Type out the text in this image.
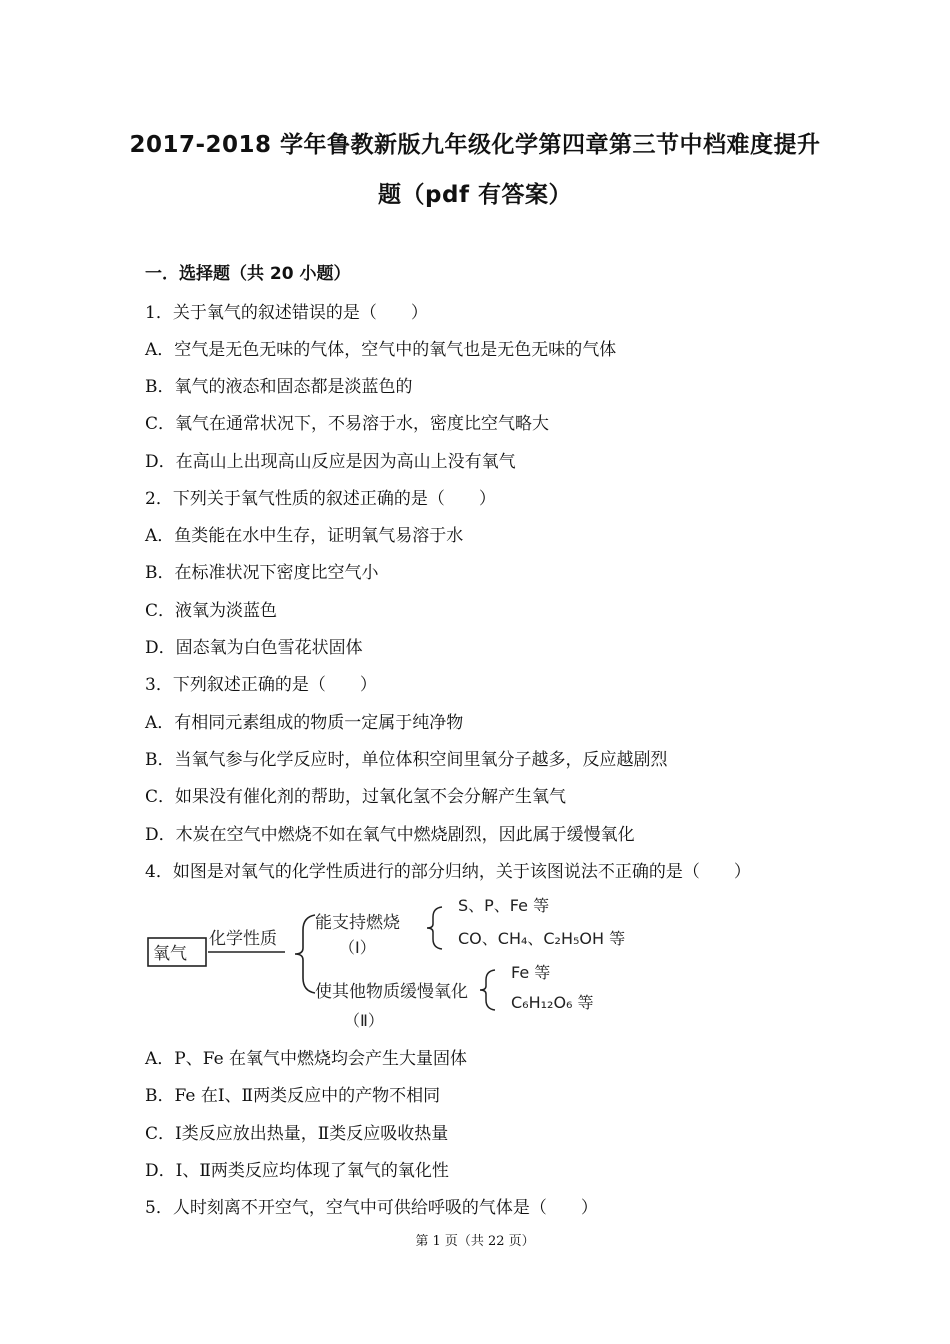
2017-2018 学年鲁教新版九年级化学第四章第三节中档难度提升
题（pdf 有答案）
一．选择题（共 20 小题）
1．关于氧气的叙述错误的是（　　）
A．空气是无色无味的气体，空气中的氧气也是无色无味的气体
B．氧气的液态和固态都是淡蓝色的
C．氧气在通常状况下，不易溶于水，密度比空气略大
D．在高山上出现高山反应是因为高山上没有氧气
2．下列关于氧气性质的叙述正确的是（　　）
A．鱼类能在水中生存，证明氧气易溶于水
B．在标准状况下密度比空气小
C．液氧为淡蓝色
D．固态氧为白色雪花状固体
3．下列叙述正确的是（　　）
A．有相同元素组成的物质一定属于纯净物
B．当氧气参与化学反应时，单位体积空间里氧分子越多，反应越剧烈
C．如果没有催化剂的帮助，过氧化氢不会分解产生氧气
D．木炭在空气中燃烧不如在氧气中燃烧剧烈，因此属于缓慢氧化
4．如图是对氧气的化学性质进行的部分归纳，关于该图说法不正确的是（　　）
氧气
化学性质
能支持燃烧
（Ⅰ）
S、P、Fe 等
CO、CH₄、C₂H₅OH 等
使其他物质缓慢氧化
（Ⅱ）
Fe 等
C₆H₁₂O₆ 等
A．P、Fe 在氧气中燃烧均会产生大量固体
B．Fe 在Ⅰ、Ⅱ两类反应中的产物不相同
C．Ⅰ类反应放出热量，Ⅱ类反应吸收热量
D．Ⅰ、Ⅱ两类反应均体现了氧气的氧化性
5．人时刻离不开空气，空气中可供给呼吸的气体是（　　）
第 1 页（共 22 页）
